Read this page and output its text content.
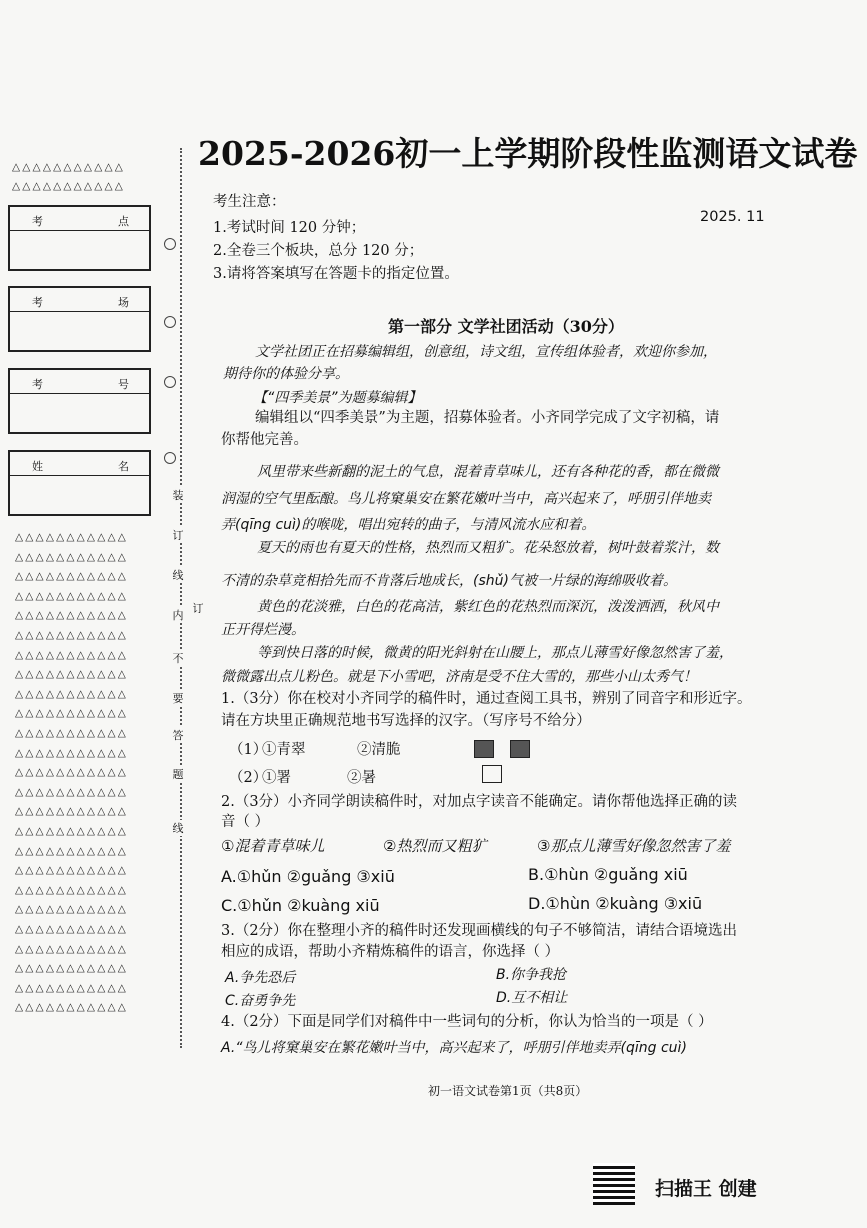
2025-2026初一上学期阶段性监测语文试卷
△△△△△△△△△△△
△△△△△△△△△△△
考	点
考	场
考	号
姓	名
△△△△△△△△△△△
△△△△△△△△△△△
△△△△△△△△△△△
△△△△△△△△△△△
△△△△△△△△△△△
△△△△△△△△△△△
△△△△△△△△△△△
△△△△△△△△△△△
△△△△△△△△△△△
△△△△△△△△△△△
△△△△△△△△△△△
△△△△△△△△△△△
△△△△△△△△△△△
△△△△△△△△△△△
△△△△△△△△△△△
△△△△△△△△△△△
△△△△△△△△△△△
△△△△△△△△△△△
△△△△△△△△△△△
△△△△△△△△△△△
△△△△△△△△△△△
△△△△△△△△△△△
△△△△△△△△△△△
△△△△△△△△△△△
△△△△△△△△△△△
装
订
线
内
不
要
答
题
线
订
考生注意：
1.考试时间 120 分钟；
2.全卷三个板块，总分 120 分；
3.请将答案填写在答题卡的指定位置。
2025. 11
第一部分 文学社团活动（30分）
文学社团正在招募编辑组，创意组，诗文组，宣传组体验者，欢迎你参加，
期待你的体验分享。
【“四季美景”为题募编辑】
编辑组以“四季美景”为主题，招募体验者。小齐同学完成了文字初稿，请
你帮他完善。
风里带来些新翻的泥土的气息，混着青草味儿，还有各种花的香，都在微微
润湿的空气里酝酿。鸟儿将窠巢安在繁花嫩叶当中，高兴起来了，呼朋引伴地卖
弄(qīng cuì)的喉咙，唱出宛转的曲子，与清风流水应和着。
夏天的雨也有夏天的性格，热烈而又粗犷。花朵怒放着，树叶鼓着浆汁，数
不清的杂草竞相拾先而不肯落后地成长，(shǔ)气被一片绿的海绵吸收着。
黄色的花淡雅，白色的花高洁，紫红色的花热烈而深沉，泼泼洒洒，秋风中
正开得烂漫。
等到快日落的时候，微黄的阳光斜射在山腰上，那点儿薄雪好像忽然害了羞，
微微露出点儿粉色。就是下小雪吧，济南是受不住大雪的，那些小山太秀气！
1.（3分）你在校对小齐同学的稿件时，通过查阅工具书，辨别了同音字和形近字。
请在方块里正确规范地书写选择的汉字。（写序号不给分）
（1）
①青翠	②清脆
（2）
①署	②暑
2.（3分）小齐同学朗读稿件时，对加点字读音不能确定。请你帮他选择正确的读
音（ ）
①混着青草味儿	②热烈而又粗犷	③那点儿薄雪好像忽然害了羞
A.①hǔn ②guǎng ③xiū	B.①hùn ②guǎng xiū
C.①hǔn ②kuàng xiū	D.①hùn ②kuàng ③xiū
3.（2分）你在整理小齐的稿件时还发现画横线的句子不够简洁，请结合语境选出
相应的成语，帮助小齐精炼稿件的语言，你选择（ ）
A.争先恐后	B.你争我抢
C.奋勇争先	D.互不相让
4.（2分）下面是同学们对稿件中一些词句的分析，你认为恰当的一项是（ ）
A.“鸟儿将窠巢安在繁花嫩叶当中，高兴起来了，呼朋引伴地卖弄(qīng cuì)
初一语文试卷第1页（共8页）
扫描王 创建
